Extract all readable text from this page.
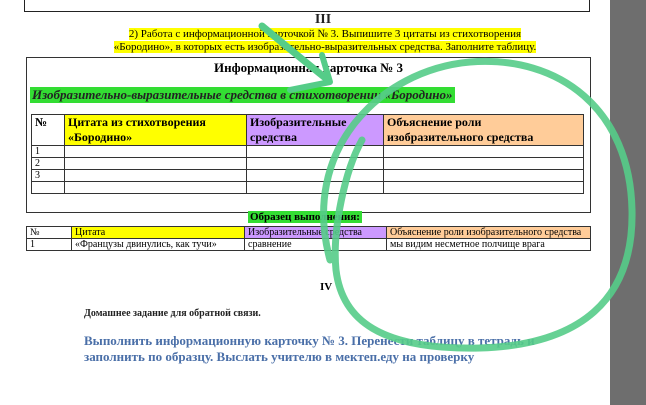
III
2) Работа с информационной карточкой № 3. Выпишите 3 цитаты из стихотворения
«Бородино», в которых есть изобразительно-выразительных средства. Заполните таблицу.
Информационная карточка № 3
Изобразительно-выразительные средства в стихотворении «Бородино»
№	Цитата из стихотворения «Бородино»	Изобразительные средства	Объяснение роли изобразительного средства
1			
2			
3			

Образец выполнения:
№	Цитата	Изобразительные средства	Объяснение роли изобразительного средства
1	«Французы двинулись, как тучи»	сравнение	мы видим несметное полчище врага
IV
Домашнее задание для обратной связи.
Выполнить информационную карточку № 3. Перенести таблицу в тетрадь и заполнить по образцу. Выслать учителю в мектеп.еду на проверку
